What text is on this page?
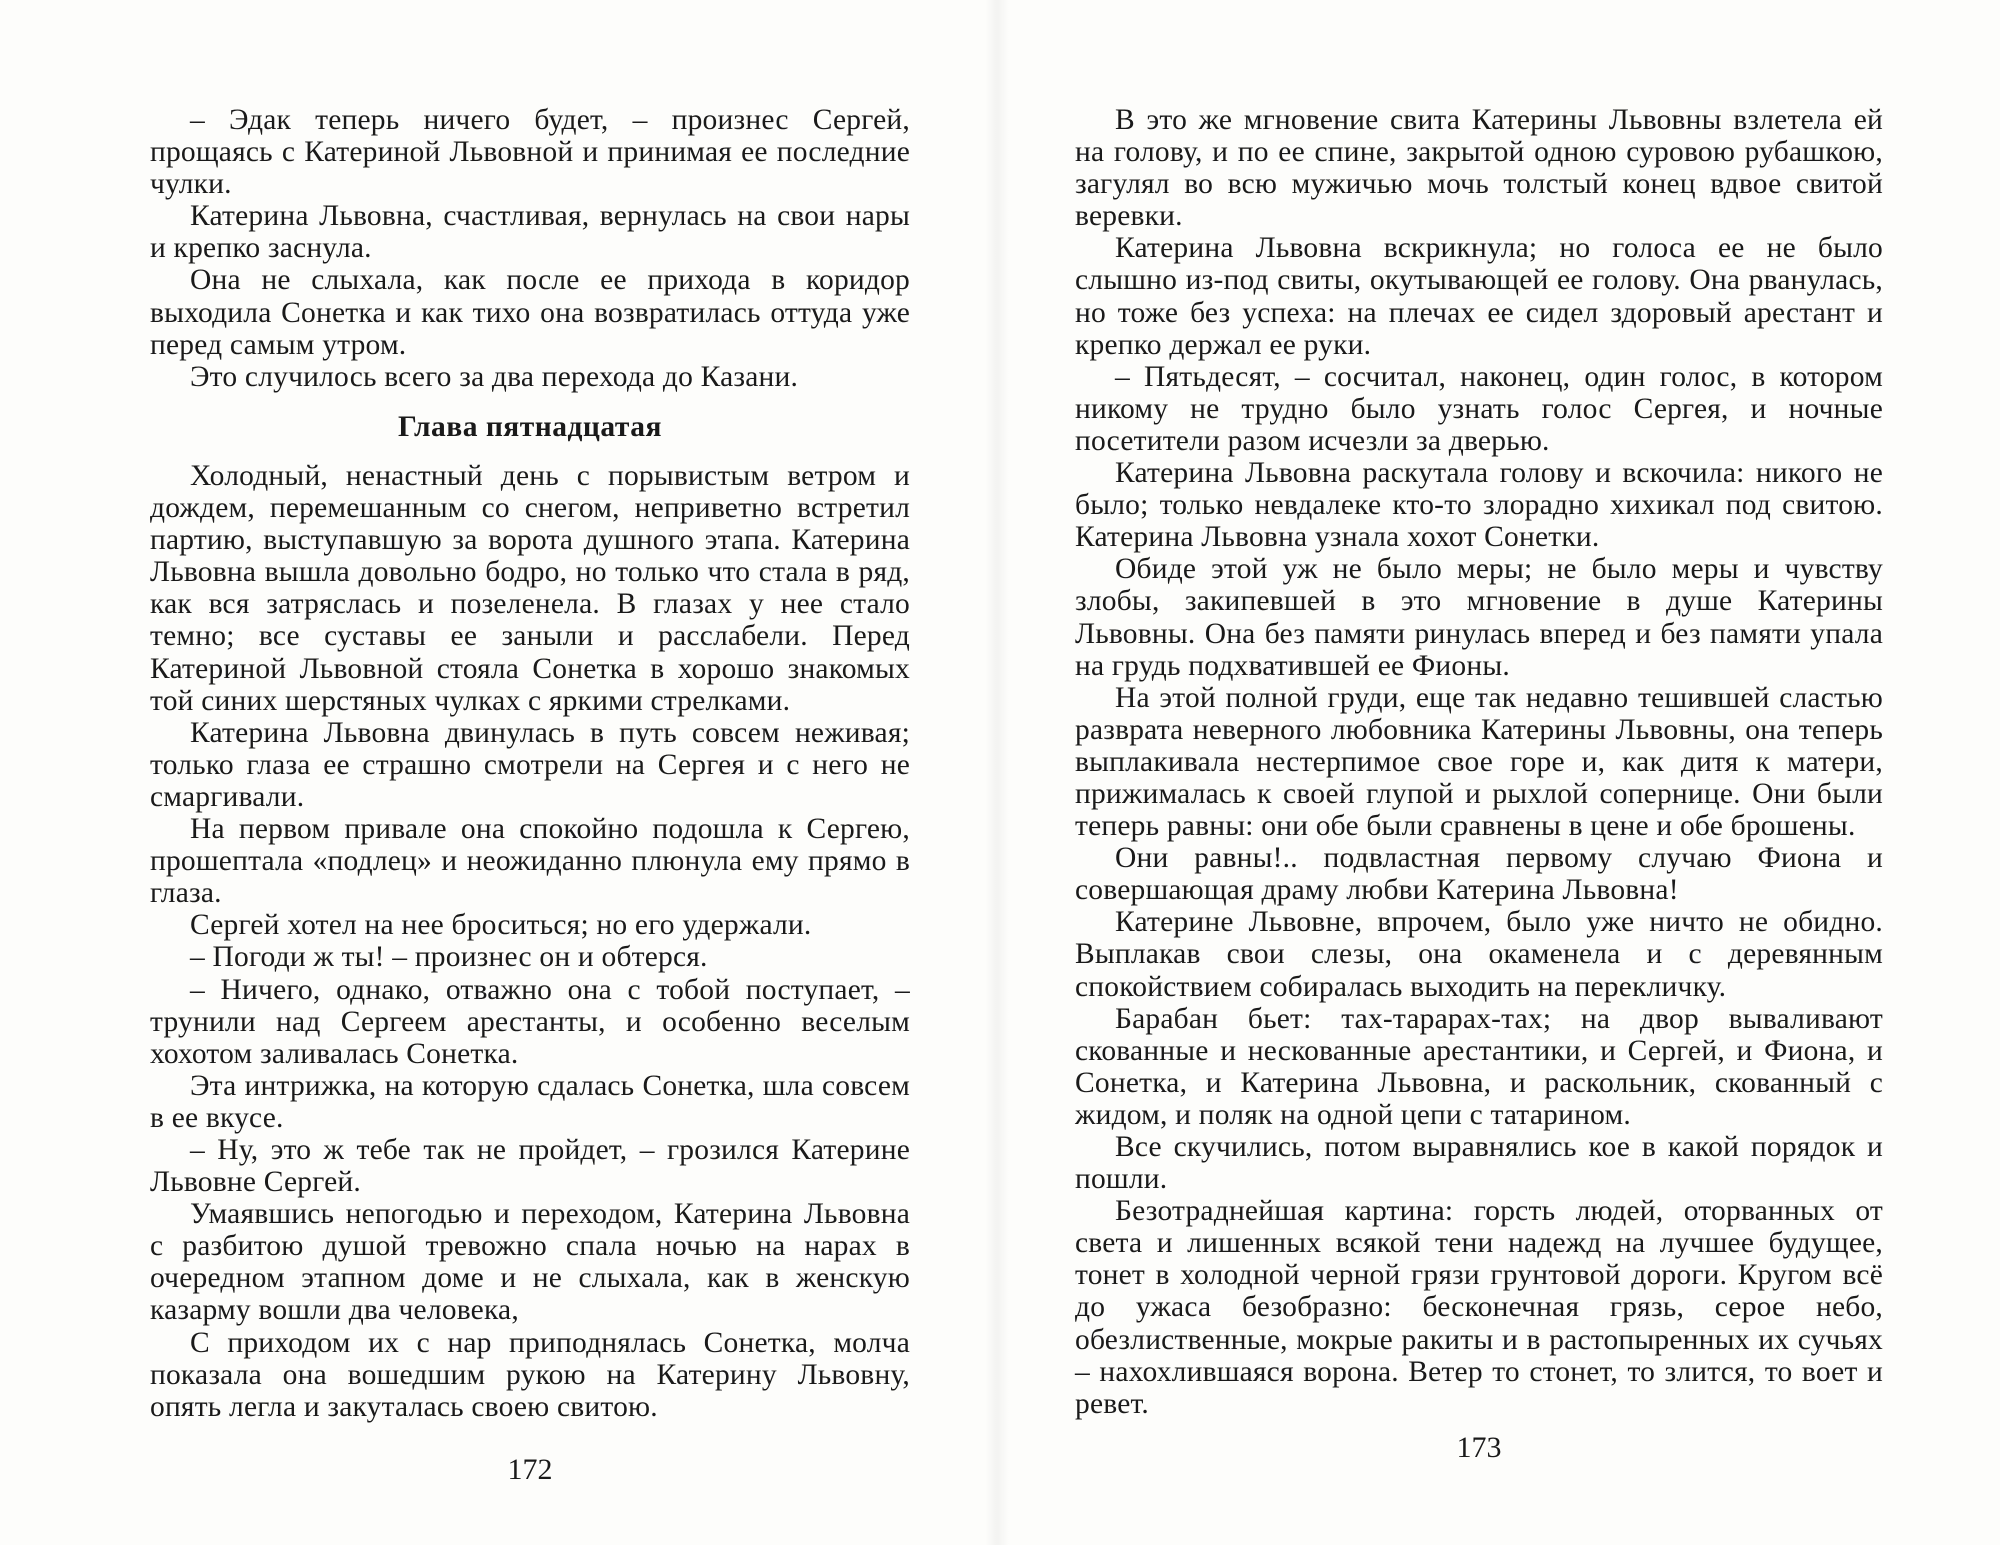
– Эдак теперь ничего будет, – произнес Сергей, прощаясь с Катериной Львовной и принимая ее последние чулки.

Катерина Львовна, счастливая, вернулась на свои нары и крепко заснула.

Она не слыхала, как после ее прихода в коридор выходила Сонетка и как тихо она возвратилась оттуда уже перед самым утром.

Это случилось всего за два перехода до Казани.

Глава пятнадцатая

Холодный, ненастный день с порывистым ветром и дождем, перемешанным со снегом, неприветно встретил партию, выступавшую за ворота душного этапа. Катерина Львовна вышла довольно бодро, но только что стала в ряд, как вся затряслась и позеленела. В глазах у нее стало темно; все суставы ее заныли и расслабели. Перед Катериной Львовной стояла Сонетка в хорошо знакомых той синих шерстяных чулках с яркими стрелками.

Катерина Львовна двинулась в путь совсем неживая; только глаза ее страшно смотрели на Сергея и с него не смаргивали.

На первом привале она спокойно подошла к Сергею, прошептала «подлец» и неожиданно плюнула ему прямо в глаза.

Сергей хотел на нее броситься; но его удержали.

– Погоди ж ты! – произнес он и обтерся.

– Ничего, однако, отважно она с тобой поступает, – трунили над Сергеем арестанты, и особенно веселым хохотом заливалась Сонетка.

Эта интрижка, на которую сдалась Сонетка, шла совсем в ее вкусе.

– Ну, это ж тебе так не пройдет, – грозился Катерине Львовне Сергей.

Умаявшись непогодью и переходом, Катерина Львовна с разбитою душой тревожно спала ночью на нарах в очередном этапном доме и не слыхала, как в женскую казарму вошли два человека,

С приходом их с нар приподнялась Сонетка, молча показала она вошедшим рукою на Катерину Львовну, опять легла и закуталась своею свитою.

172

В это же мгновение свита Катерины Львовны взлетела ей на голову, и по ее спине, закрытой одною суровою рубашкою, загулял во всю мужичью мочь толстый конец вдвое свитой веревки.

Катерина Львовна вскрикнула; но голоса ее не было слышно из-под свиты, окутывающей ее голову. Она рванулась, но тоже без успеха: на плечах ее сидел здоровый арестант и крепко держал ее руки.

– Пятьдесят, – сосчитал, наконец, один голос, в котором никому не трудно было узнать голос Сергея, и ночные посетители разом исчезли за дверью.

Катерина Львовна раскутала голову и вскочила: никого не было; только невдалеке кто-то злорадно хихикал под свитою. Катерина Львовна узнала хохот Сонетки.

Обиде этой уж не было меры; не было меры и чувству злобы, закипевшей в это мгновение в душе Катерины Львовны. Она без памяти ринулась вперед и без памяти упала на грудь подхватившей ее Фионы.

На этой полной груди, еще так недавно тешившей сластью разврата неверного любовника Катерины Львовны, она теперь выплакивала нестерпимое свое горе и, как дитя к матери, прижималась к своей глупой и рыхлой сопернице. Они были теперь равны: они обе были сравнены в цене и обе брошены.

Они равны!.. подвластная первому случаю Фиона и совершающая драму любви Катерина Львовна!

Катерине Львовне, впрочем, было уже ничто не обидно. Выплакав свои слезы, она окаменела и с деревянным спокойствием собиралась выходить на перекличку.

Барабан бьет: тах-тарарах-тах; на двор вываливают скованные и нескованные арестантики, и Сергей, и Фиона, и Сонетка, и Катерина Львовна, и раскольник, скованный с жидом, и поляк на одной цепи с татарином.

Все скучились, потом выравнялись кое в какой порядок и пошли.

Безотраднейшая картина: горсть людей, оторванных от света и лишенных всякой тени надежд на лучшее будущее, тонет в холодной черной грязи грунтовой дороги. Кругом всё до ужаса безобразно: бесконечная грязь, серое небо, обезлиственные, мокрые ракиты и в растопыренных их сучьях – нахохлившаяся ворона. Ветер то стонет, то злится, то воет и ревет.

173
